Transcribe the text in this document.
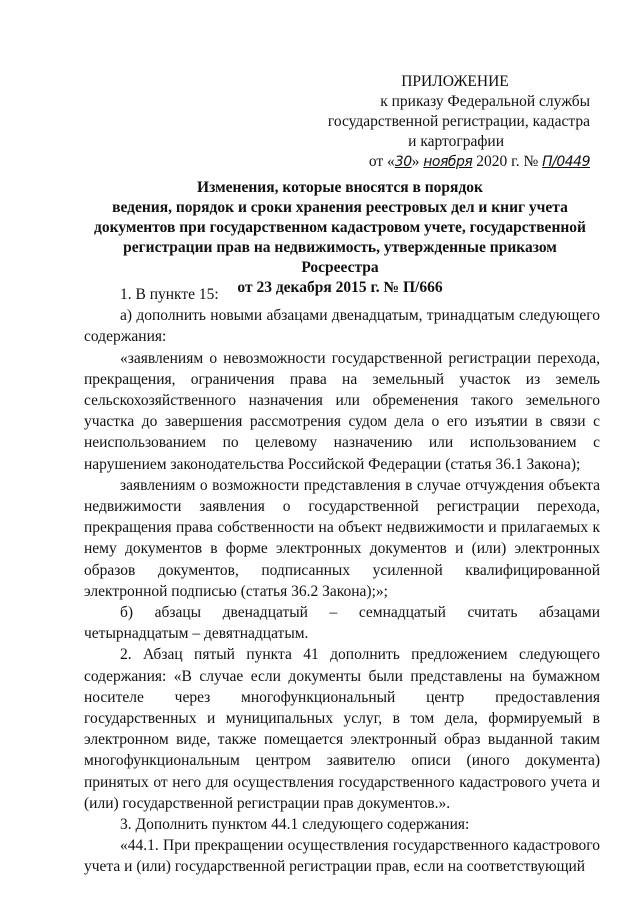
ПРИЛОЖЕНИЕ
к приказу Федеральной службы
государственной регистрации, кадастра
и картографии
от «30» ноября 2020 г. № П/0449
Изменения, которые вносятся в порядок
ведения, порядок и сроки хранения реестровых дел и книг учета
документов при государственном кадастровом учете, государственной
регистрации прав на недвижимость, утвержденные приказом Росреестра
от 23 декабря 2015 г. № П/666

1. В пункте 15:

а) дополнить новыми абзацами двенадцатым, тринадцатым следующего содержания:

«заявлениям о невозможности государственной регистрации перехода, прекращения, ограничения права на земельный участок из земель сельскохозяйственного назначения или обременения такого земельного участка до завершения рассмотрения судом дела о его изъятии в связи с неиспользованием по целевому назначению или использованием с нарушением законодательства Российской Федерации (статья 36.1 Закона);

заявлениям о возможности представления в случае отчуждения объекта недвижимости заявления о государственной регистрации перехода, прекращения права собственности на объект недвижимости и прилагаемых к нему документов в форме электронных документов и (или) электронных образов документов, подписанных усиленной квалифицированной электронной подписью (статья 36.2 Закона);»;

б) абзацы двенадцатый – семнадцатый считать абзацами четырнадцатым – девятнадцатым.

2. Абзац пятый пункта 41 дополнить предложением следующего содержания: «В случае если документы были представлены на бумажном носителе через многофункциональный центр предоставления государственных и муниципальных услуг, в том дела, формируемый в электронном виде, также помещается электронный образ выданной таким многофункциональным центром заявителю описи (иного документа) принятых от него для осуществления государственного кадастрового учета и (или) государственной регистрации прав документов.».

3. Дополнить пунктом 44.1 следующего содержания:

«44.1. При прекращении осуществления государственного кадастрового учета и (или) государственной регистрации прав, если на соответствующий
